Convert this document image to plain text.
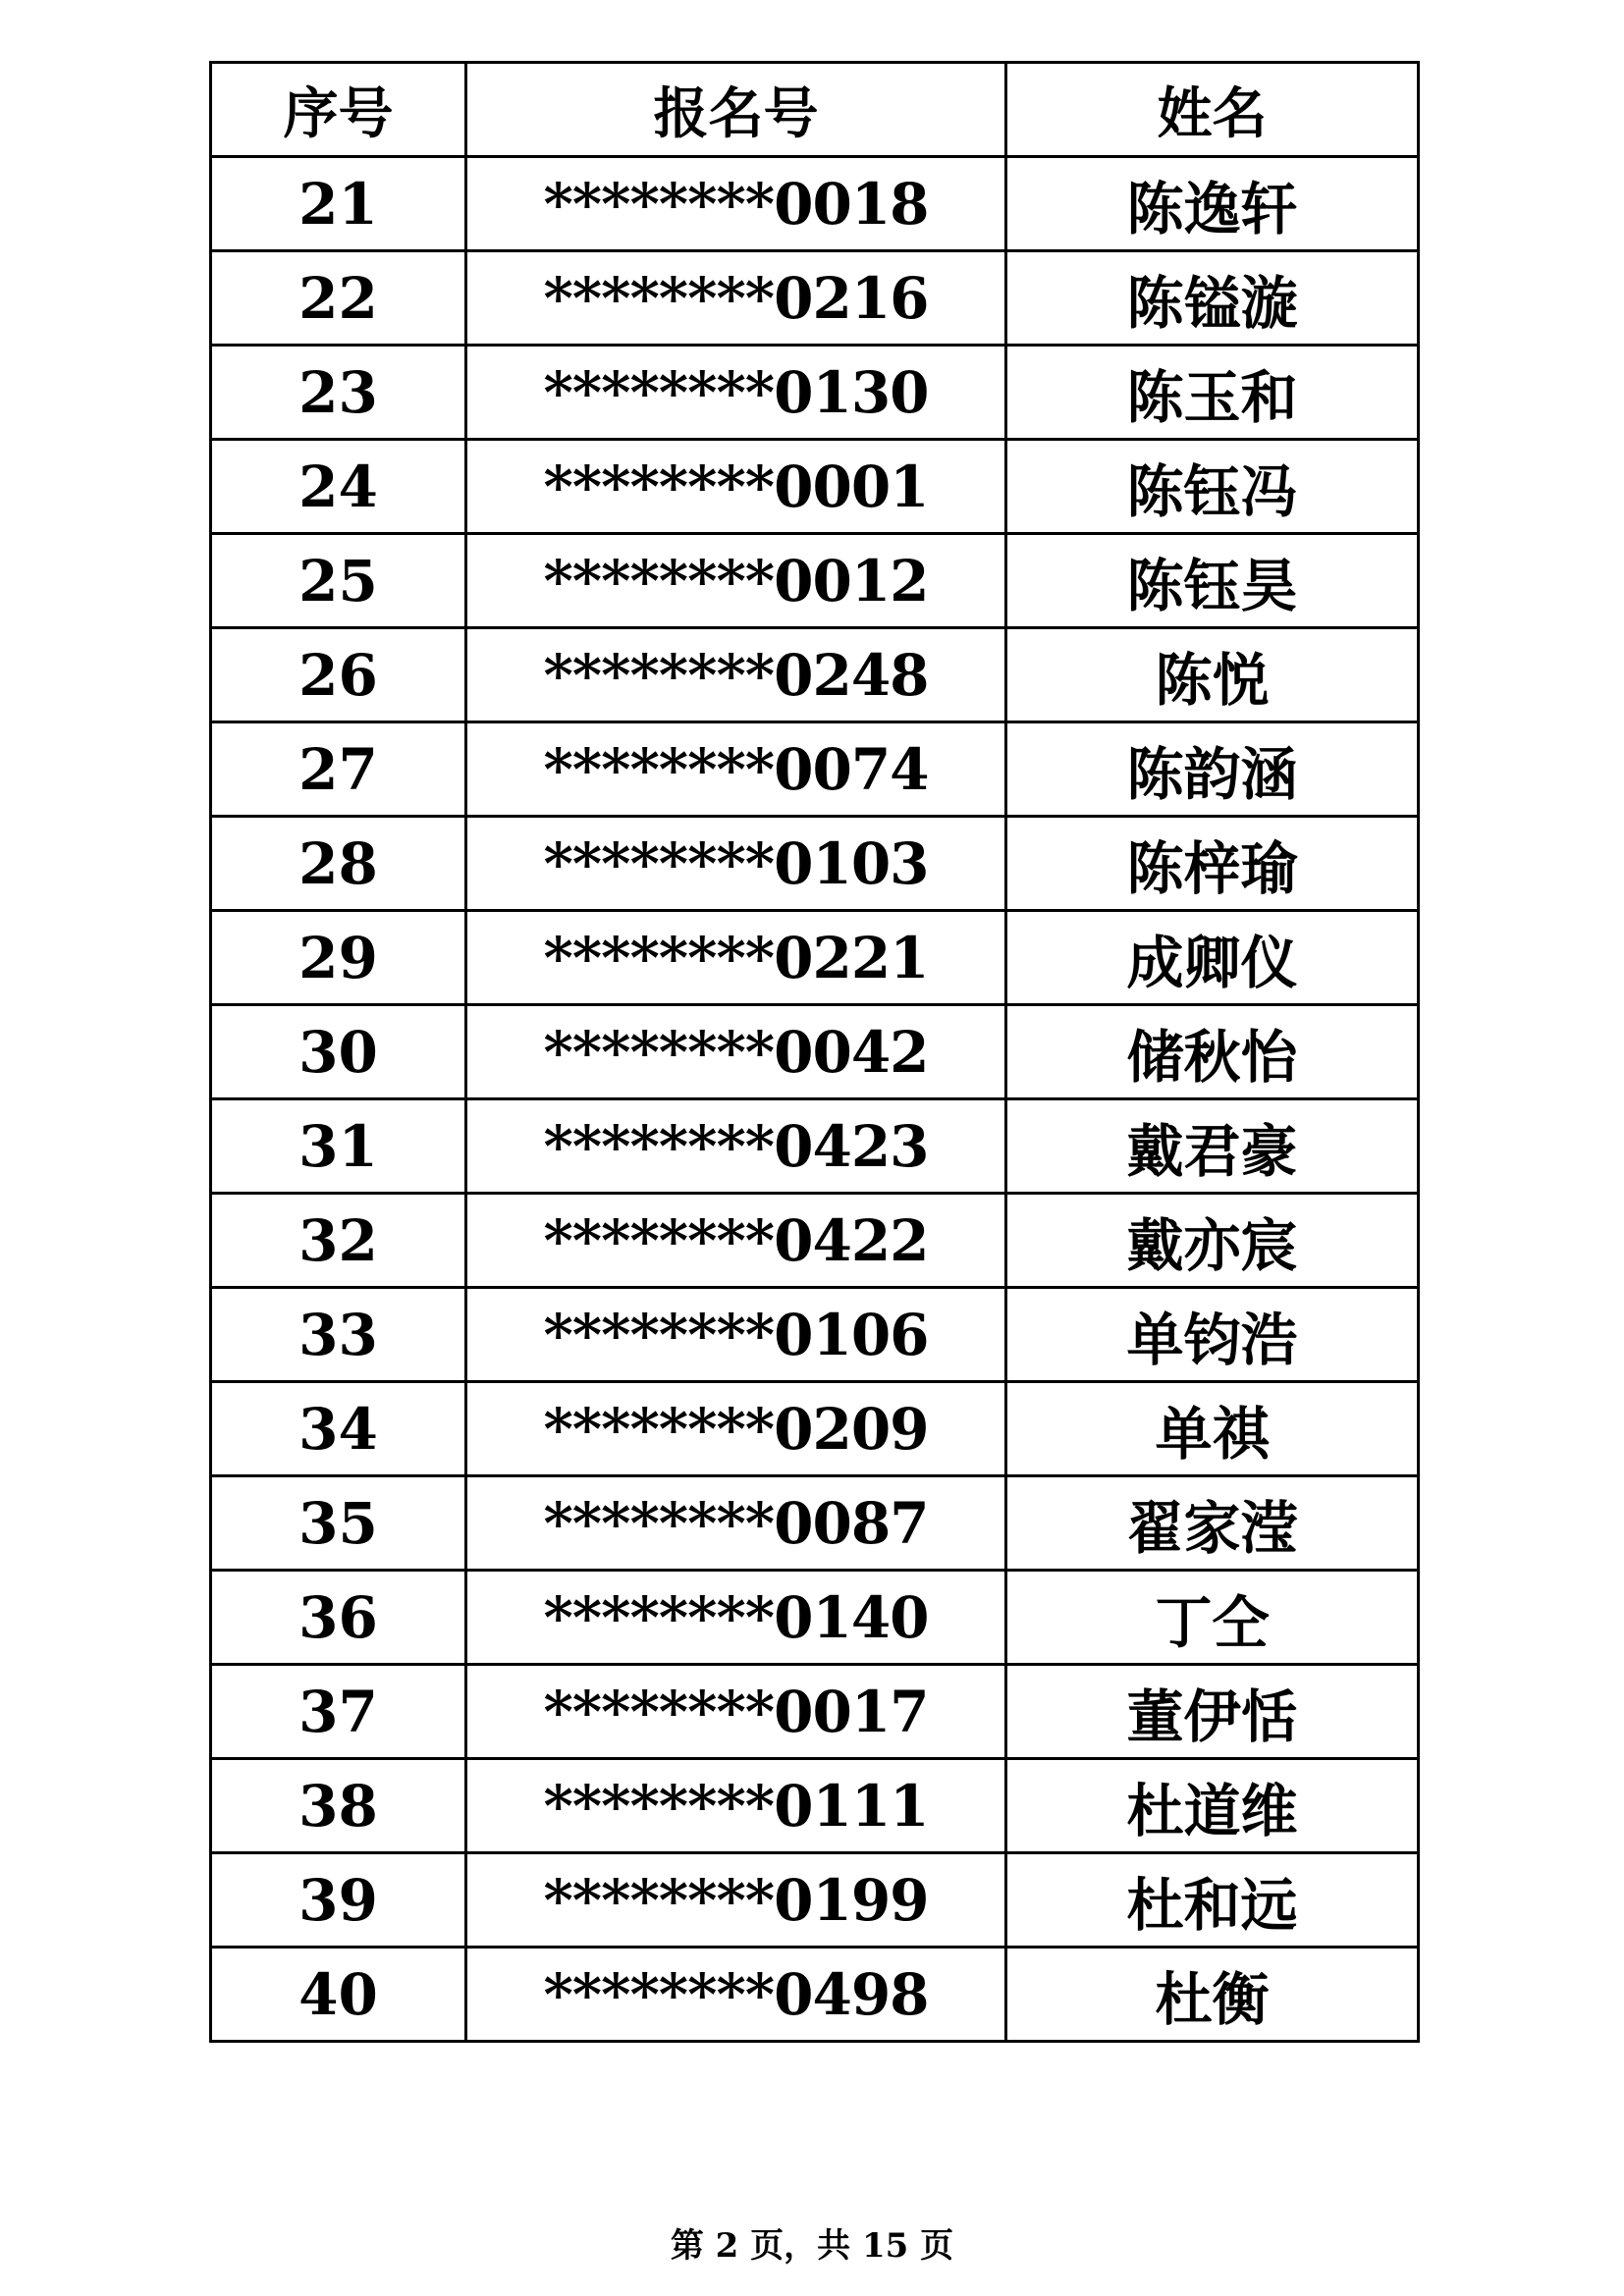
序号	报名号	姓名
21	********0018	陈逸轩
22	********0216	陈镒漩
23	********0130	陈玉和
24	********0001	陈钰冯
25	********0012	陈钰昊
26	********0248	陈悦
27	********0074	陈韵涵
28	********0103	陈梓瑜
29	********0221	成卿仪
30	********0042	储秋怡
31	********0423	戴君豪
32	********0422	戴亦宸
33	********0106	单钧浩
34	********0209	单祺
35	********0087	翟家滢
36	********0140	丁仝
37	********0017	董伊恬
38	********0111	杜道维
39	********0199	杜和远
40	********0498	杜衡
第 2 页，共 15 页
